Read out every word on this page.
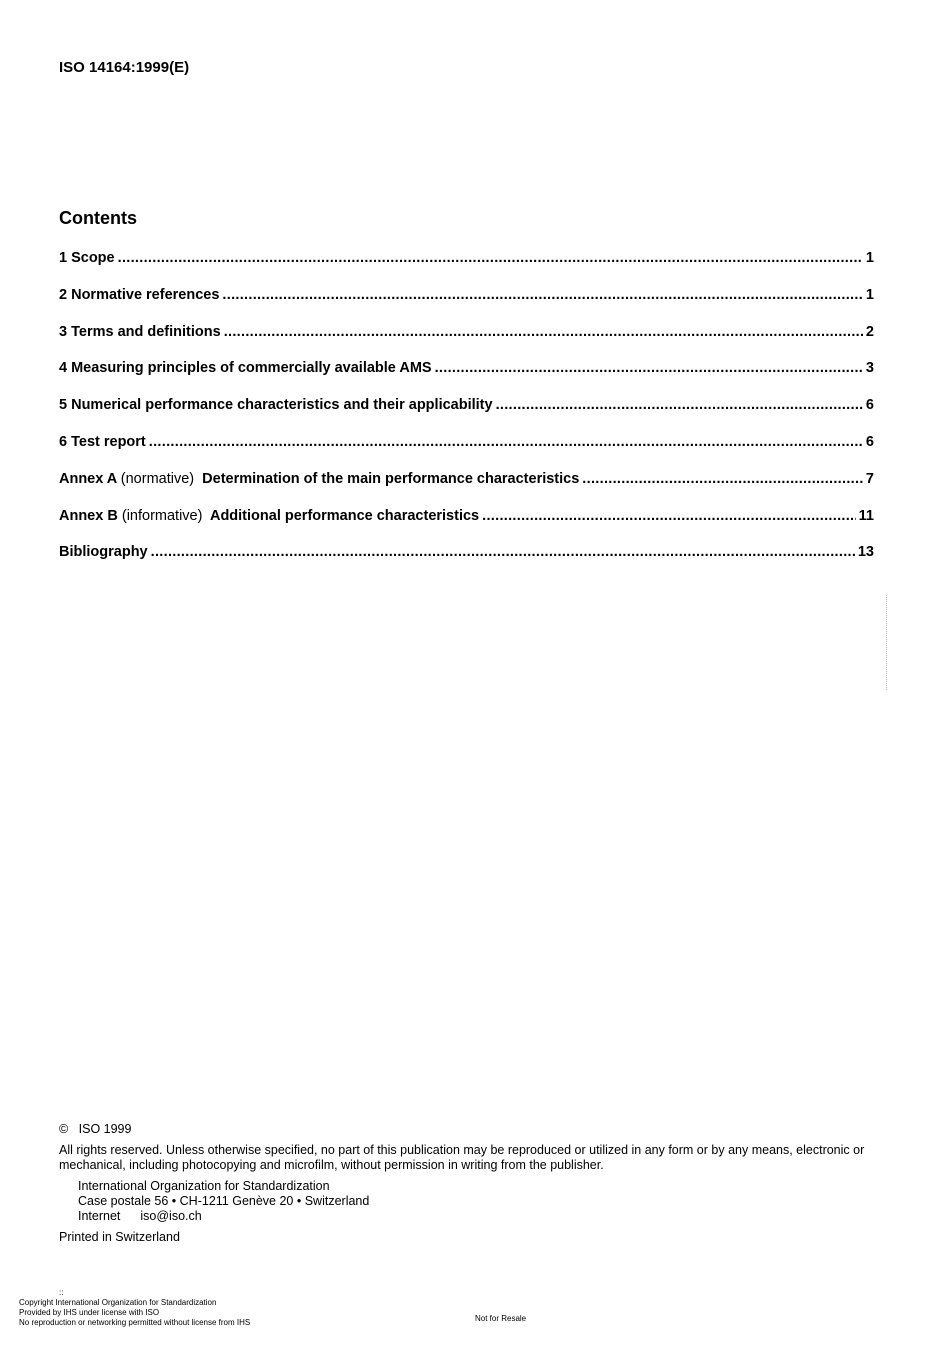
ISO 14164:1999(E)
Contents
1 Scope .....	1
2 Normative references .....	1
3 Terms and definitions .....	2
4 Measuring principles of commercially available AMS .....	3
5 Numerical performance characteristics and their applicability .....	6
6 Test report .....	6
Annex A (normative) Determination of the main performance characteristics .....	7
Annex B (informative) Additional performance characteristics .....	11
Bibliography .....	13
© ISO 1999
All rights reserved. Unless otherwise specified, no part of this publication may be reproduced or utilized in any form or by any means, electronic or mechanical, including photocopying and microfilm, without permission in writing from the publisher.
International Organization for Standardization
Case postale 56 • CH-1211 Genève 20 • Switzerland
Internet iso@iso.ch
Printed in Switzerland
::
Copyright International Organization for Standardization
Provided by IHS under license with ISO
No reproduction or networking permitted without license from IHS	Not for Resale
